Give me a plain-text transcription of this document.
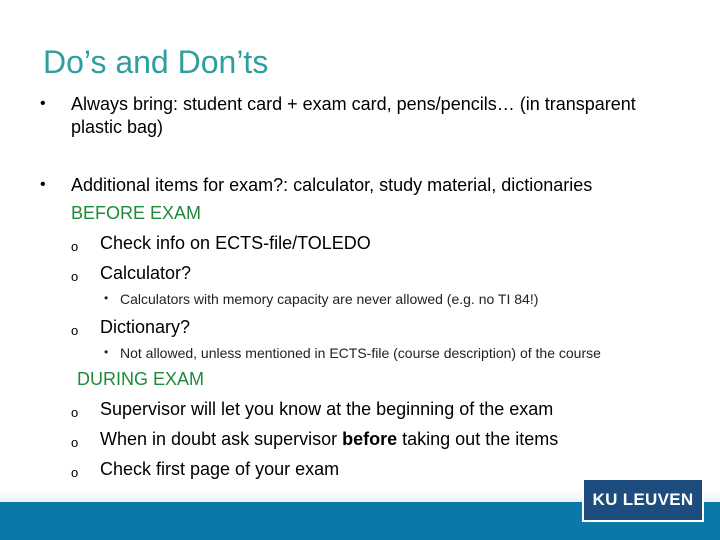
Do’s and Don’ts
• Always bring: student card + exam card, pens/pencils… (in transparent
plastic bag)
• Additional items for exam?: calculator, study material, dictionaries
BEFORE EXAM
o Check info on ECTS-file/TOLEDO
o Calculator?
• Calculators with memory capacity are never allowed (e.g. no TI 84!)
o Dictionary?
• Not allowed, unless mentioned in ECTS-file (course description) of the course
DURING EXAM
o Supervisor will let you know at the beginning of the exam
o When in doubt ask supervisor before taking out the items
o Check first page of your exam
KU LEUVEN
